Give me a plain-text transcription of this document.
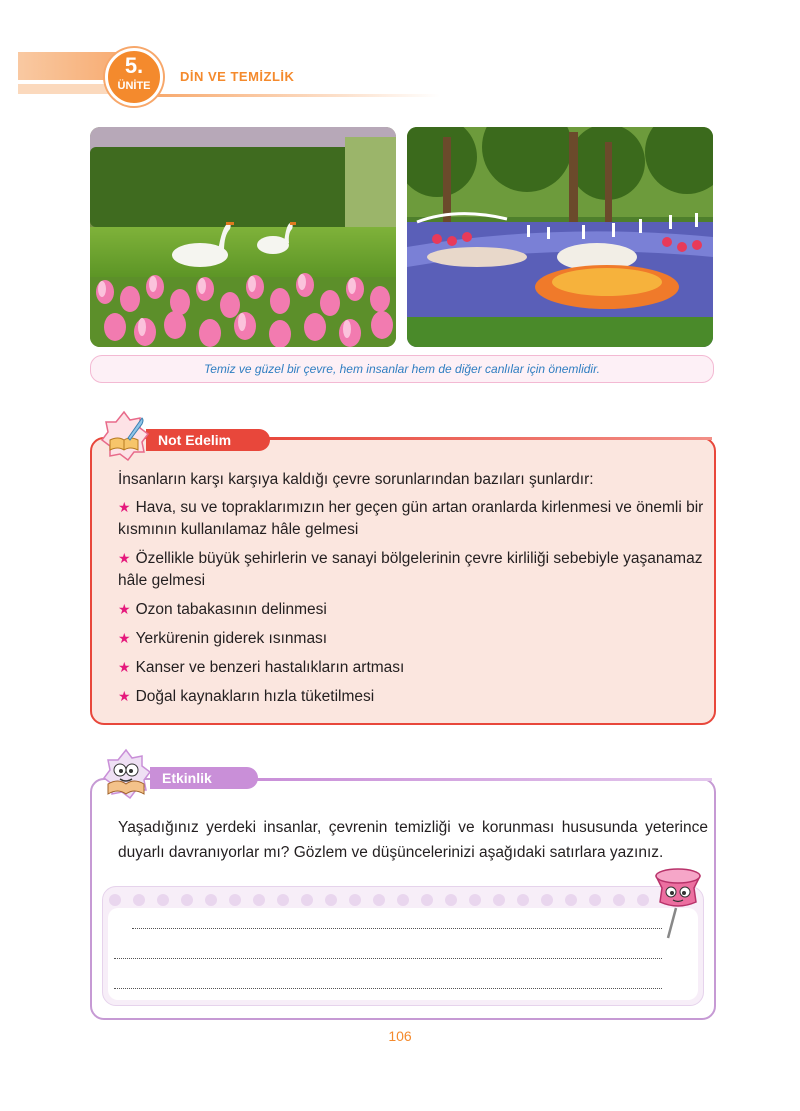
5.
ÜNİTE
DİN VE TEMİZLİK
Temiz ve güzel bir çevre, hem insanlar hem de diğer canlılar için önemlidir.
Not Edelim
İnsanların karşı karşıya kaldığı çevre sorunlarından bazıları şunlardır:
★ Hava, su ve topraklarımızın her geçen gün artan oranlarda kirlenmesi ve önemli bir kısmının kullanılamaz hâle gelmesi
★ Özellikle büyük şehirlerin ve sanayi bölgelerinin çevre kirliliği sebebiyle yaşanamaz hâle gelmesi
★ Ozon tabakasının delinmesi
★ Yerkürenin giderek ısınması
★ Kanser ve benzeri hastalıkların artması
★ Doğal kaynakların hızla tüketilmesi
Etkinlik
Yaşadığınız yerdeki insanlar, çevrenin temizliği ve korunması hususunda yeterince duyarlı davranıyorlar mı? Gözlem ve düşüncelerinizi aşağıdaki satırlara yazınız.
106
